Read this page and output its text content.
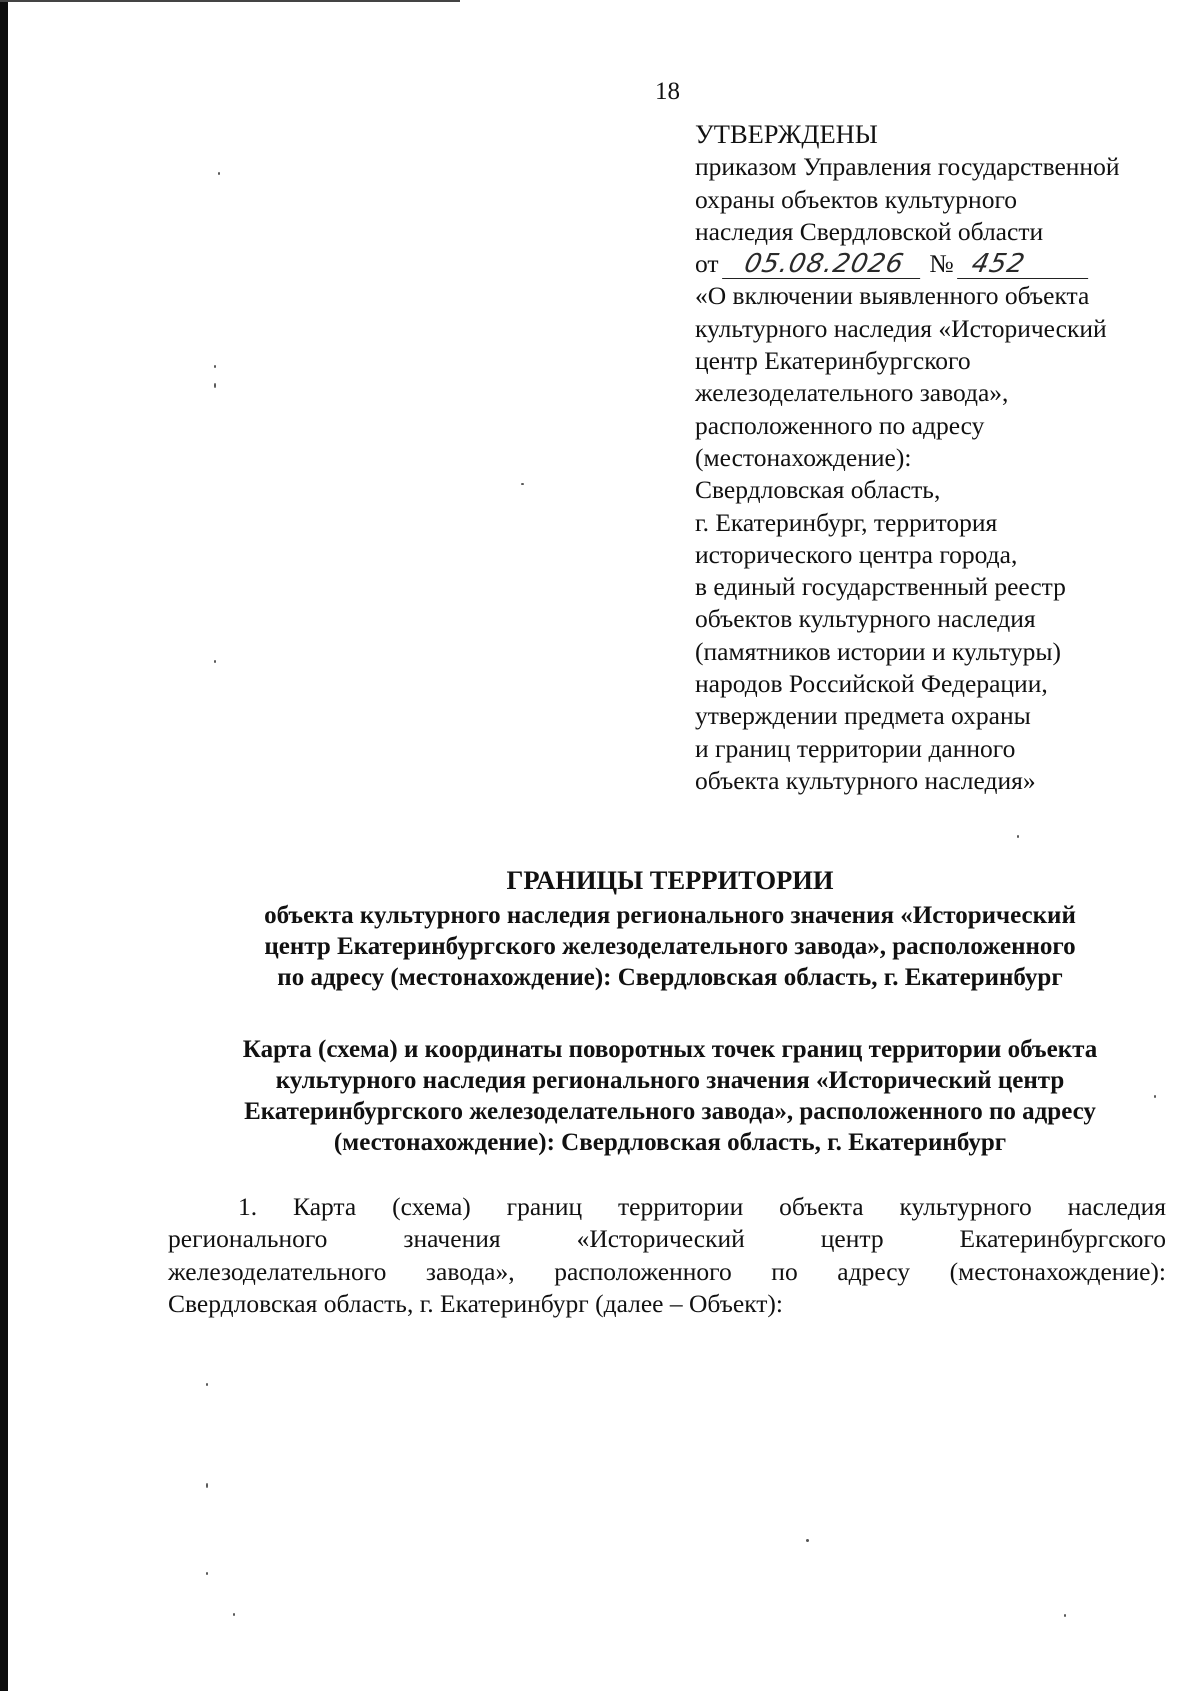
18
УТВЕРЖДЕНЫ
приказом Управления государственной
охраны объектов культурного
наследия Свердловской области
от 05.08.2026 № 452
«О включении выявленного объекта
культурного наследия «Исторический
центр Екатеринбургского
железоделательного завода»,
расположенного по адресу
(местонахождение):
Свердловская область,
г. Екатеринбург, территория
исторического центра города,
в единый государственный реестр
объектов культурного наследия
(памятников истории и культуры)
народов Российской Федерации,
утверждении предмета охраны
и границ территории данного
объекта культурного наследия»
ГРАНИЦЫ ТЕРРИТОРИИ
объекта культурного наследия регионального значения «Исторический
центр Екатеринбургского железоделательного завода», расположенного
по адресу (местонахождение): Свердловская область, г. Екатеринбург
Карта (схема) и координаты поворотных точек границ территории объекта
культурного наследия регионального значения «Исторический центр
Екатеринбургского железоделательного завода», расположенного по адресу
(местонахождение): Свердловская область, г. Екатеринбург
1. Карта (схема) границ территории объекта культурного наследия
регионального значения «Исторический центр Екатеринбургского
железоделательного завода», расположенного по адресу (местонахождение):
Свердловская область, г. Екатеринбург (далее – Объект):
